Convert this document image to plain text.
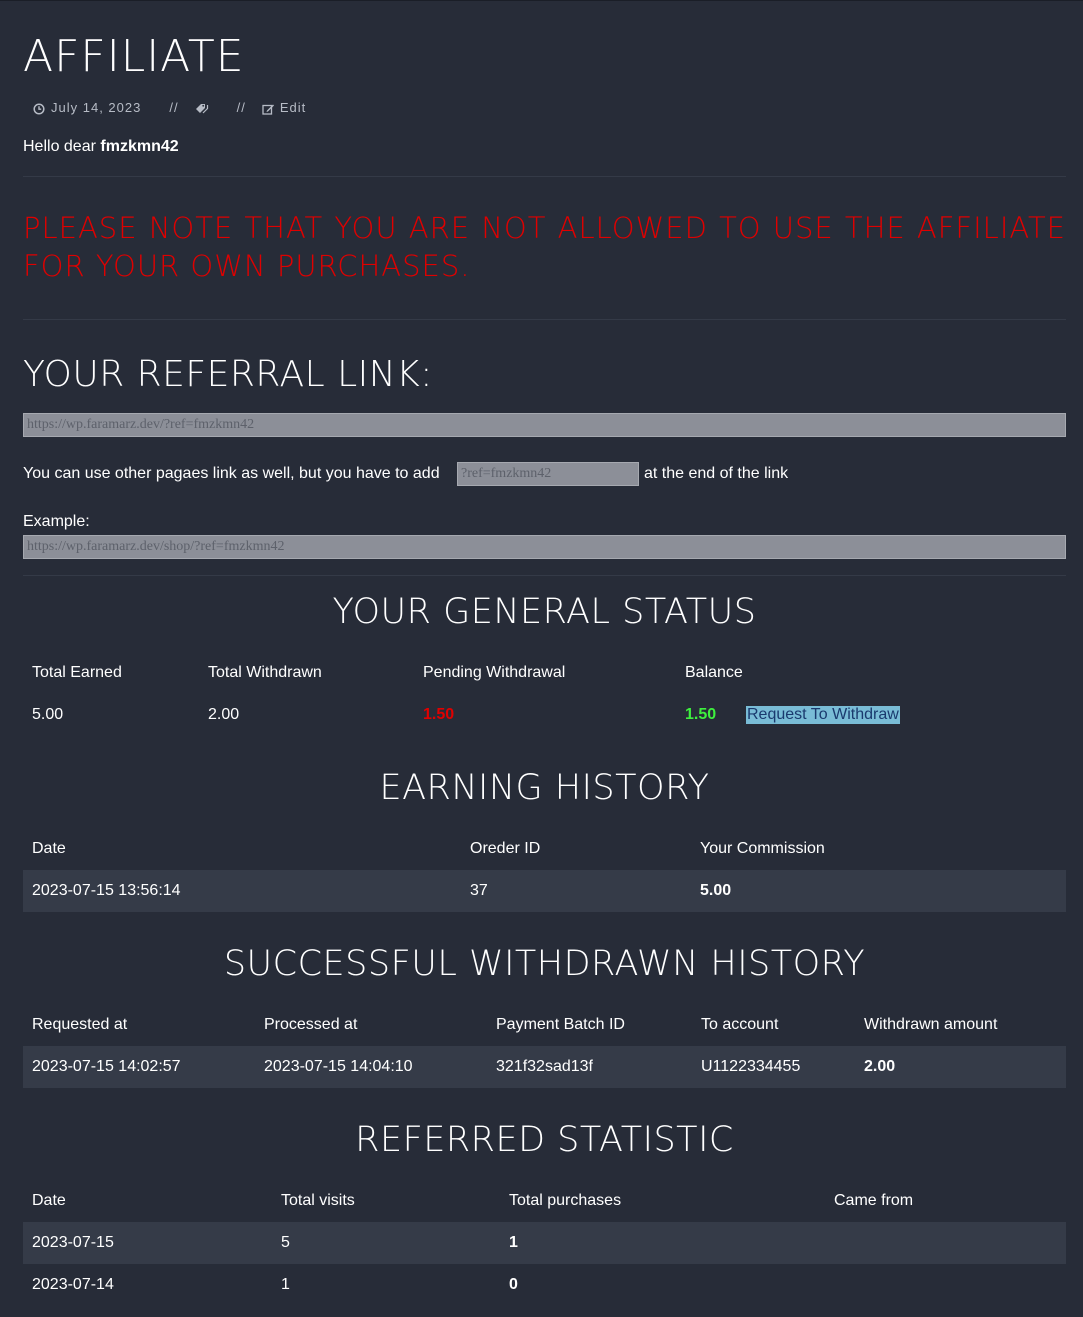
AFFILIATE
July 14, 2023 //	//	Edit
Hello dear fmzkmn42

PLEASE NOTE THAT YOU ARE NOT ALLOWED TO USE THE AFFILIATE FOR YOUR OWN PURCHASES.

YOUR REFERRAL LINK:
https://wp.faramarz.dev/?ref=fmzkmn42
You can use other pagaes link as well, but you have to add
?ref=fmzkmn42	at the end of the link
Example:
https://wp.faramarz.dev/shop/?ref=fmzkmn42
YOUR GENERAL STATUS
Total Earned	Total Withdrawn	Pending Withdrawal	Balance	
5.00	2.00	1.50	1.50	Request To Withdraw
EARNING HISTORY
Date	Oreder ID	Your Commission
2023-07-15 13:56:14	37	5.00
SUCCESSFUL WITHDRAWN HISTORY
Requested at	Processed at	Payment Batch ID	To account	Withdrawn amount
2023-07-15 14:02:57	2023-07-15 14:04:10	321f32sad13f	U1122334455	2.00
REFERRED STATISTIC
Date	Total visits	Total purchases	Came from
2023-07-15	5	1	
2023-07-14	1	0	
